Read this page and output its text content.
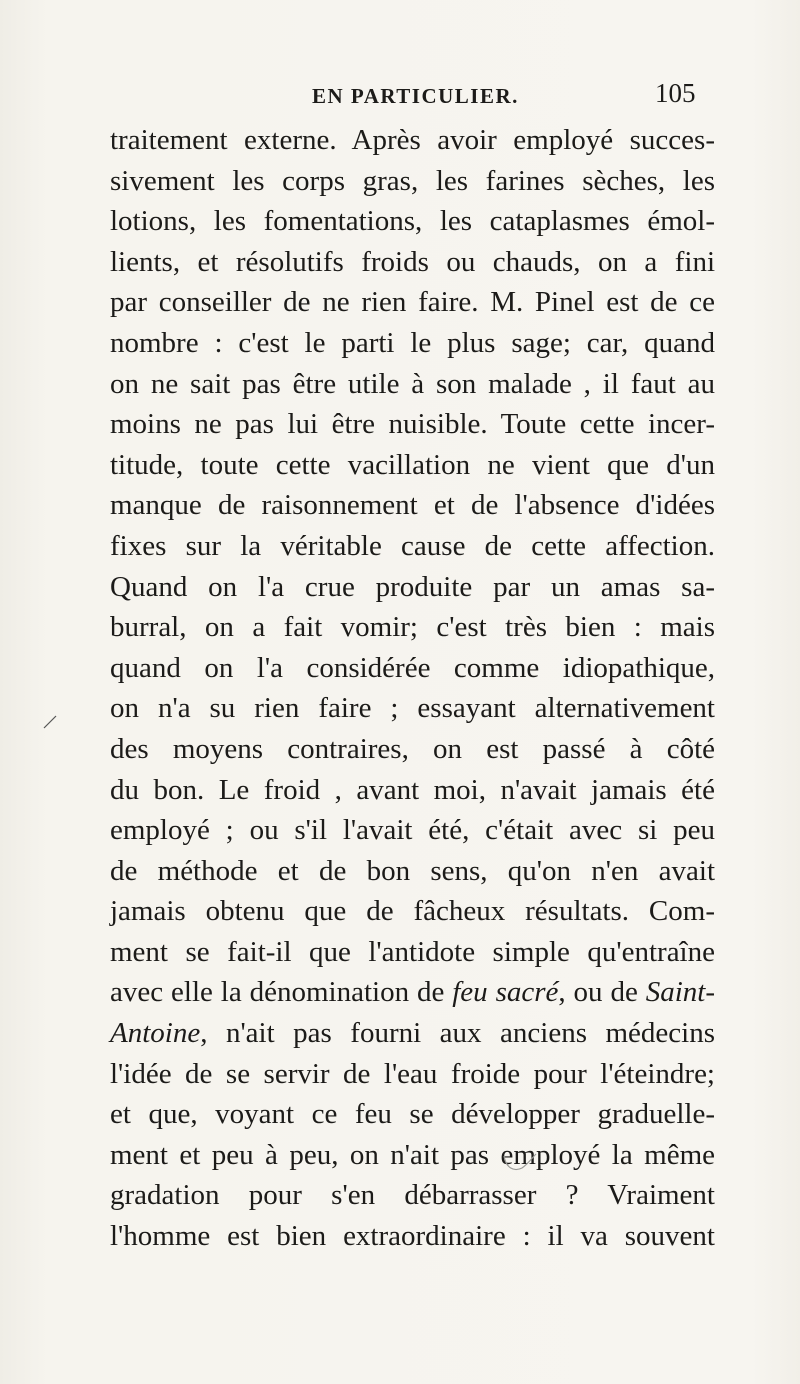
EN PARTICULIER.	105
traitement externe. Après avoir employé succes-
sivement les corps gras, les farines sèches, les
lotions, les fomentations, les cataplasmes émol-
lients, et résolutifs froids ou chauds, on a fini
par conseiller de ne rien faire. M. Pinel est de ce
nombre : c'est le parti le plus sage; car, quand
on ne sait pas être utile à son malade , il faut au
moins ne pas lui être nuisible. Toute cette incer-
titude, toute cette vacillation ne vient que d'un
manque de raisonnement et de l'absence d'idées
fixes sur la véritable cause de cette affection.
Quand on l'a crue produite par un amas sa-
burral, on a fait vomir; c'est très bien : mais
quand on l'a considérée comme idiopathique,
on n'a su rien faire ; essayant alternativement
des moyens contraires, on est passé à côté
du bon. Le froid , avant moi, n'avait jamais été
employé ; ou s'il l'avait été, c'était avec si peu
de méthode et de bon sens, qu'on n'en avait
jamais obtenu que de fâcheux résultats. Com-
ment se fait-il que l'antidote simple qu'entraîne
avec elle la dénomination de feu sacré, ou de Saint-
Antoine, n'ait pas fourni aux anciens médecins
l'idée de se servir de l'eau froide pour l'éteindre;
et que, voyant ce feu se développer graduelle-
ment et peu à peu, on n'ait pas employé la même
gradation pour s'en débarrasser ? Vraiment
l'homme est bien extraordinaire : il va souvent
